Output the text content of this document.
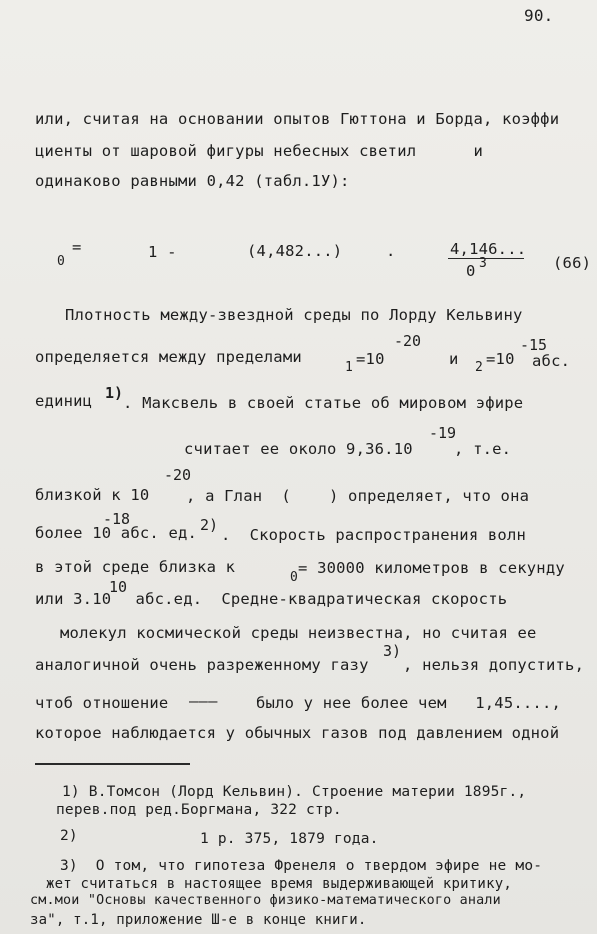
90.
или, считая на основании опытов Гюттона и Борда, коэффи
циенты от шаровой фигуры небесных светил      и
одинаково равными 0,42 (табл.1У):
0
=	1 -	(4,482...)	.	4,146...
0 3	(66)
Плотность между-звездной среды по Лорду Кельвину
определяется между пределами
1 =10
-20
и 2 =10
-15
абс.
единиц 1)
. Максвель в своей статье об мировом эфире
считает ее около 9,36.10
-19
, т.е.
близкой к 10
-20
, а Глан  (    ) определяет, что она
-18
более 10 абс. ед. 2)
.  Скорость распространения волн
в этой среде близка к
0
= 30000 километров в секунду
или 3.10
10
абс.ед.  Средне-квадратическая скорость
молекул космической среды неизвестна, но считая ее
аналогичной очень разреженному газу
3)
, нельзя допустить,
чтоб отношение ——— было у нее более чем   1,45....,
которое наблюдается у обычных газов под давлением одной
1) В.Томсон (Лорд Кельвин). Строение материи 1895г.,
перев.под ред.Боргмана, 322 стр.
2)	1 р. 375, 1879 года.
3)  О том, что гипотеза Френеля о твердом эфире не мо-
жет считаться в настоящее время выдерживающей критику,
см.мои "Основы качественного физико-математического анали
за", т.1, приложение Ш-е в конце книги.
